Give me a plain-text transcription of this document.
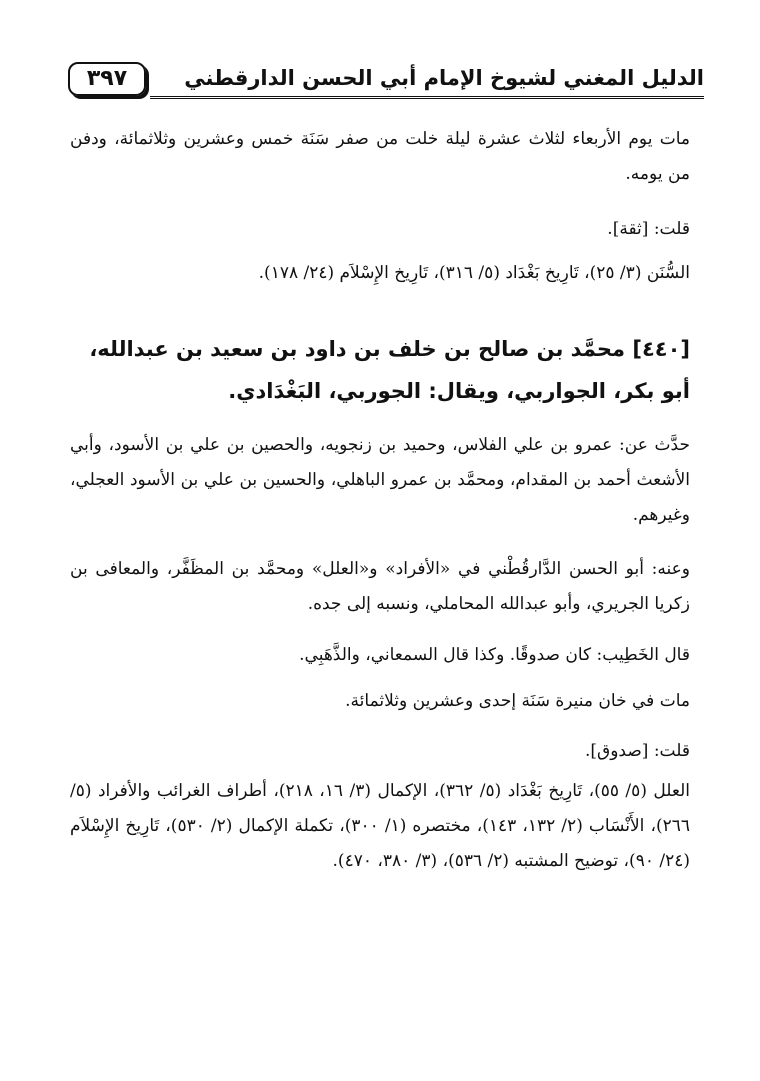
٣٩٧	الدليل المغني لشيوخ الإمام أبي الحسن الدارقطني
مات يوم الأربعاء لثلاث عشرة ليلة خلت من صفر سَنَة خمس وعشرين وثلاثمائة، ودفن من يومه.
قلت: [ثقة].
السُّنَن (٣/ ٢٥)، تَارِيخ بَغْدَاد (٥/ ٣١٦)، تَارِيخ الإِسْلاَم (٢٤/ ١٧٨).
[٤٤٠] محمَّد بن صالح بن خلف بن داود بن سعيد بن عبدالله،
أبو بكر، الجواربي، ويقال: الجوربي، البَغْدَادي.
حدَّث عن: عمرو بن علي الفلاس، وحميد بن زنجويه، والحصين بن علي بن الأسود، وأبي الأشعث أحمد بن المقدام، ومحمَّد بن عمرو الباهلي، والحسين بن علي بن الأسود العجلي، وغيرهم.
وعنه: أبو الحسن الدَّارقُطْني في «الأفراد» و«العلل» ومحمَّد بن المظَفَّر، والمعافى بن زكريا الجريري، وأبو عبدالله المحاملي، ونسبه إلى جده.
قال الخَطِيب: كان صدوقًا. وكذا قال السمعاني، والذَّهَبِي.
مات في خان منيرة سَنَة إحدى وعشرين وثلاثمائة.
قلت: [صدوق].
العلل (٥/ ٥٥)، تَارِيخ بَغْدَاد (٥/ ٣٦٢)، الإكمال (٣/ ١٦، ٢١٨)، أطراف الغرائب والأفراد (٥/ ٢٦٦)، الأَنْسَاب (٢/ ١٣٢، ١٤٣)، مختصره (١/ ٣٠٠)، تكملة الإكمال (٢/ ٥٣٠)، تَارِيخ الإِسْلاَم (٢٤/ ٩٠)، توضيح المشتبه (٢/ ٥٣٦)، (٣/ ٣٨٠، ٤٧٠).
